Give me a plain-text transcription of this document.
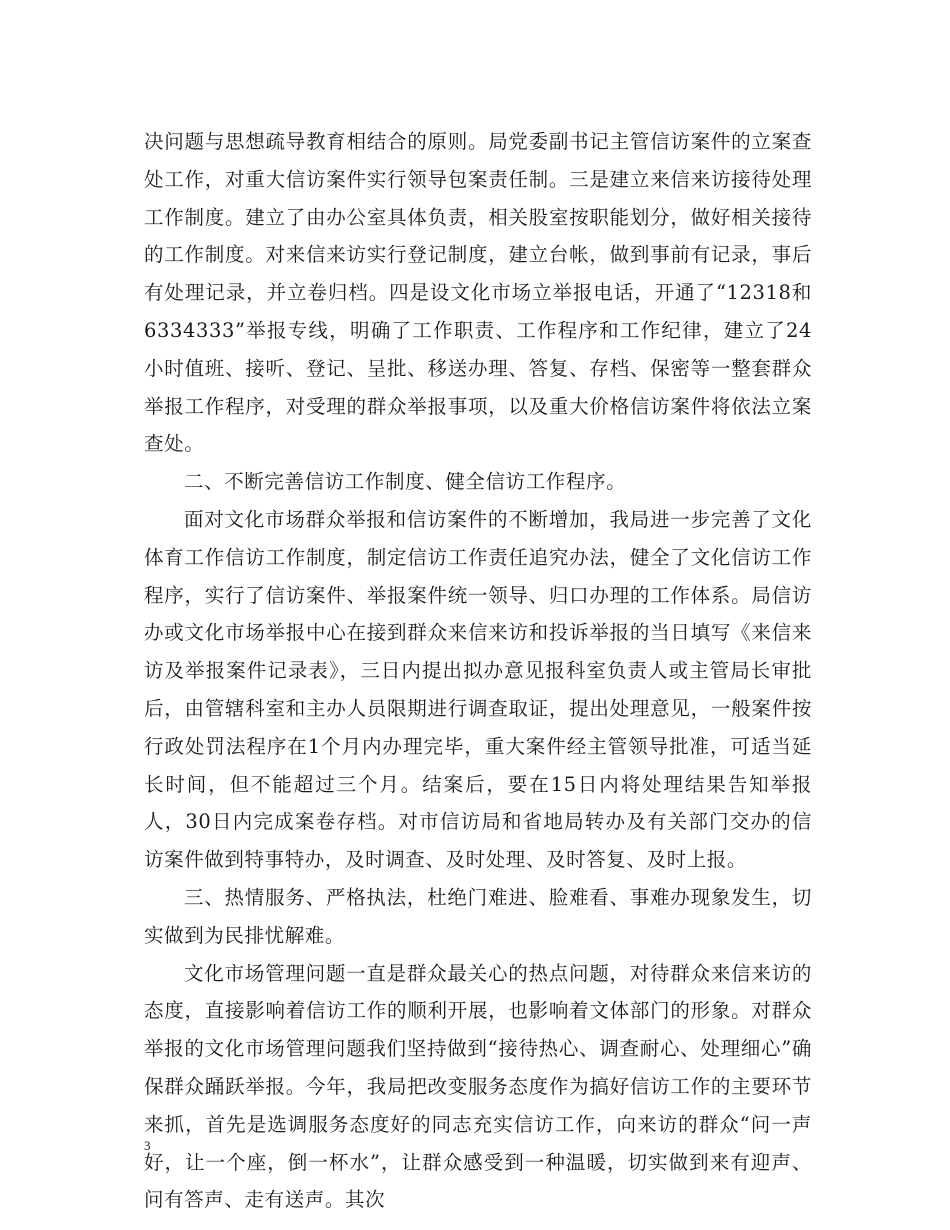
决问题与思想疏导教育相结合的原则。局党委副书记主管信访案件的立案查处工作，对重大信访案件实行领导包案责任制。三是建立来信来访接待处理工作制度。建立了由办公室具体负责，相关股室按职能划分，做好相关接待的工作制度。对来信来访实行登记制度，建立台帐，做到事前有记录，事后有处理记录，并立卷归档。四是设文化市场立举报电话，开通了“12318和6334333”举报专线，明确了工作职责、工作程序和工作纪律，建立了24小时值班、接听、登记、呈批、移送办理、答复、存档、保密等一整套群众举报工作程序，对受理的群众举报事项，以及重大价格信访案件将依法立案查处。

二、不断完善信访工作制度、健全信访工作程序。

面对文化市场群众举报和信访案件的不断增加，我局进一步完善了文化体育工作信访工作制度，制定信访工作责任追究办法，健全了文化信访工作程序，实行了信访案件、举报案件统一领导、归口办理的工作体系。局信访办或文化市场举报中心在接到群众来信来访和投诉举报的当日填写《来信来访及举报案件记录表》，三日内提出拟办意见报科室负责人或主管局长审批后，由管辖科室和主办人员限期进行调查取证，提出处理意见，一般案件按行政处罚法程序在1个月内办理完毕，重大案件经主管领导批准，可适当延长时间，但不能超过三个月。结案后，要在15日内将处理结果告知举报人，30日内完成案卷存档。对市信访局和省地局转办及有关部门交办的信访案件做到特事特办，及时调查、及时处理、及时答复、及时上报。

三、热情服务、严格执法，杜绝门难进、脸难看、事难办现象发生，切实做到为民排忧解难。

文化市场管理问题一直是群众最关心的热点问题，对待群众来信来访的态度，直接影响着信访工作的顺利开展，也影响着文体部门的形象。对群众举报的文化市场管理问题我们坚持做到“接待热心、调查耐心、处理细心”确保群众踊跃举报。今年，我局把改变服务态度作为搞好信访工作的主要环节来抓，首先是选调服务态度好的同志充实信访工作，向来访的群众“问一声好，让一个座，倒一杯水”，让群众感受到一种温暖，切实做到来有迎声、问有答声、走有送声。其次

3
